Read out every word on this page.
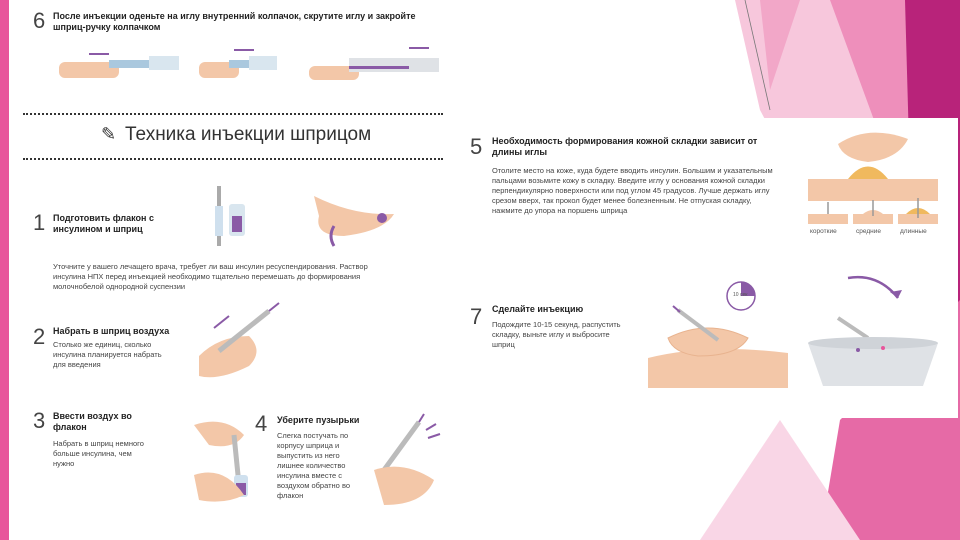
6 После инъекции оденьте на иглу внутренний колпачок, скрутите иглу и закройте шприц-ручку колпачком
✎ Техника инъекции шприцом
1 Подготовить флакон с инсулином и шприц
Уточните у вашего лечащего врача, требует ли ваш инсулин ресуспендирования. Раствор инсулина НПХ перед инъекцией необходимо тщательно перемешать до формирования молочнобелой однородной суспензии
2 Набрать в шприц воздуха
Столько же единиц, сколько инсулина планируется набрать для введения
3 Ввести воздух во флакон
Набрать в шприц немного больше инсулина, чем нужно
4 Уберите пузырьки
Слегка постучать по корпусу шприца и выпустить из него лишнее количество инсулина вместе с воздухом обратно во флакон
5 Необходимость формирования кожной складки зависит от длины иглы
Отолите место на коже, куда будете вводить инсулин. Большим и указательным пальцами возьмите кожу в складку. Введите иглу у основания кожной складки перпендикулярно поверхности или под углом 45 градусов. Лучше держать иглу срезом вверх, так прокол будет менее болезненным. Не отпуская складку, нажмите до упора на поршень шприца
короткие	средние	длинные
7 Сделайте инъекцию
Подождите 10-15 секунд, распустить складку, выньте иглу и выбросите шприц
10 сек
